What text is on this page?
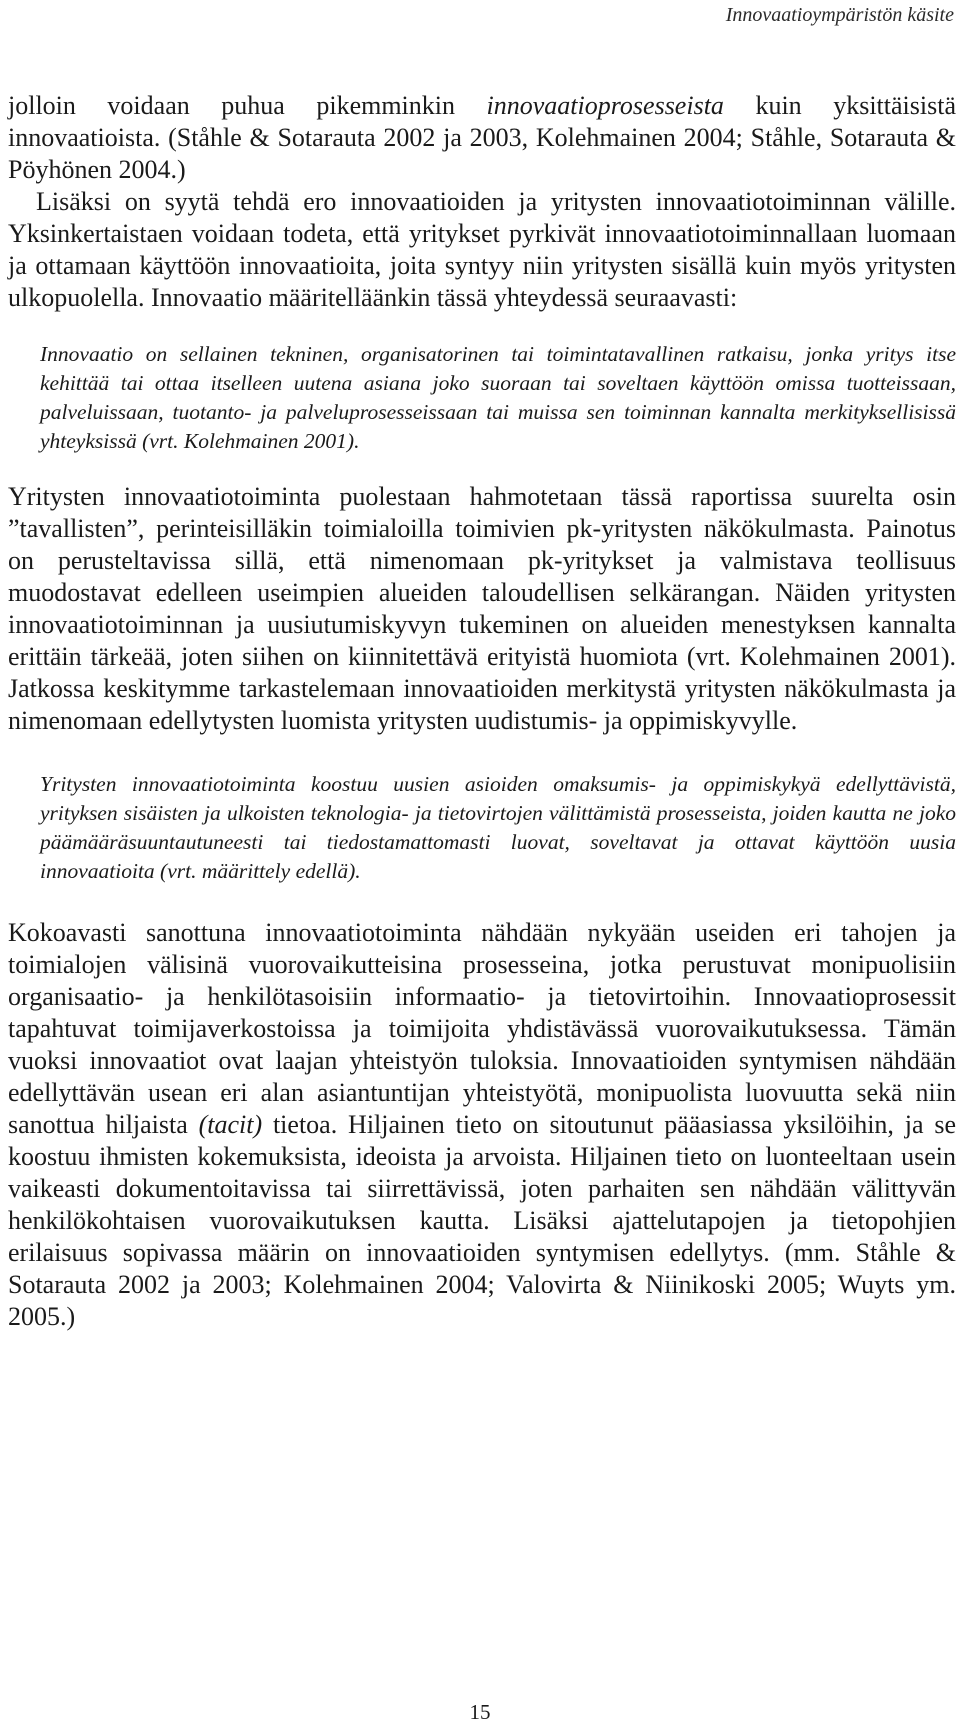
Innovaatioympäristön käsite

jolloin voidaan puhua pikemminkin innovaatioprosesseista kuin yksittäisistä innovaatioista. (Ståhle & Sotarauta 2002 ja 2003, Kolehmainen 2004; Ståhle, Sotarauta & Pöyhönen 2004.)

Lisäksi on syytä tehdä ero innovaatioiden ja yritysten innovaatiotoiminnan välille. Yksinkertaistaen voidaan todeta, että yritykset pyrkivät innovaatiotoiminnallaan luomaan ja ottamaan käyttöön innovaatioita, joita syntyy niin yritysten sisällä kuin myös yritysten ulkopuolella. Innovaatio määritelläänkin tässä yhteydessä seuraavasti:

Innovaatio on sellainen tekninen, organisatorinen tai toimintatavallinen ratkaisu, jonka yritys itse kehittää tai ottaa itselleen uutena asiana joko suoraan tai soveltaen käyttöön omissa tuotteissaan, palveluissaan, tuotanto- ja palveluprosesseissaan tai muissa sen toiminnan kannalta merkityksellisissä yhteyksissä (vrt. Kolehmainen 2001).

Yritysten innovaatiotoiminta puolestaan hahmotetaan tässä raportissa suurelta osin ”tavallisten”, perinteisilläkin toimialoilla toimivien pk-yritysten näkökulmasta. Painotus on perusteltavissa sillä, että nimenomaan pk-yritykset ja valmistava teollisuus muodostavat edelleen useimpien alueiden taloudellisen selkärangan. Näiden yritysten innovaatiotoiminnan ja uusiutumiskyvyn tukeminen on alueiden menestyksen kannalta erittäin tärkeää, joten siihen on kiinnitettävä erityistä huomiota (vrt. Kolehmainen 2001). Jatkossa keskitymme tarkastelemaan innovaatioiden merkitystä yritysten näkökulmasta ja nimenomaan edellytysten luomista yritysten uudistumis- ja oppimiskyvylle.

Yritysten innovaatiotoiminta koostuu uusien asioiden omaksumis- ja oppimiskykyä edellyttävistä, yrityksen sisäisten ja ulkoisten teknologia- ja tietovirtojen välittämistä prosesseista, joiden kautta ne joko päämääräsuuntautuneesti tai tiedostamattomasti luovat, soveltavat ja ottavat käyttöön uusia innovaatioita (vrt. määrittely edellä).

Kokoavasti sanottuna innovaatiotoiminta nähdään nykyään useiden eri tahojen ja toimialojen välisinä vuorovaikutteisina prosesseina, jotka perustuvat monipuolisiin organisaatio- ja henkilötasoisiin informaatio- ja tietovirtoihin. Innovaatioprosessit tapahtuvat toimijaverkostoissa ja toimijoita yhdistävässä vuorovaikutuksessa. Tämän vuoksi innovaatiot ovat laajan yhteistyön tuloksia. Innovaatioiden syntymisen nähdään edellyttävän usean eri alan asiantuntijan yhteistyötä, monipuolista luovuutta sekä niin sanottua hiljaista (tacit) tietoa. Hiljainen tieto on sitoutunut pääasiassa yksilöihin, ja se koostuu ihmisten kokemuksista, ideoista ja arvoista. Hiljainen tieto on luonteeltaan usein vaikeasti dokumentoitavissa tai siirrettävissä, joten parhaiten sen nähdään välittyvän henkilökohtaisen vuorovaikutuksen kautta. Lisäksi ajattelutapojen ja tietopohjien erilaisuus sopivassa määrin on innovaatioiden syntymisen edellytys. (mm. Ståhle & Sotarauta 2002 ja 2003; Kolehmainen 2004; Valovirta & Niinikoski 2005; Wuyts ym. 2005.)

15
